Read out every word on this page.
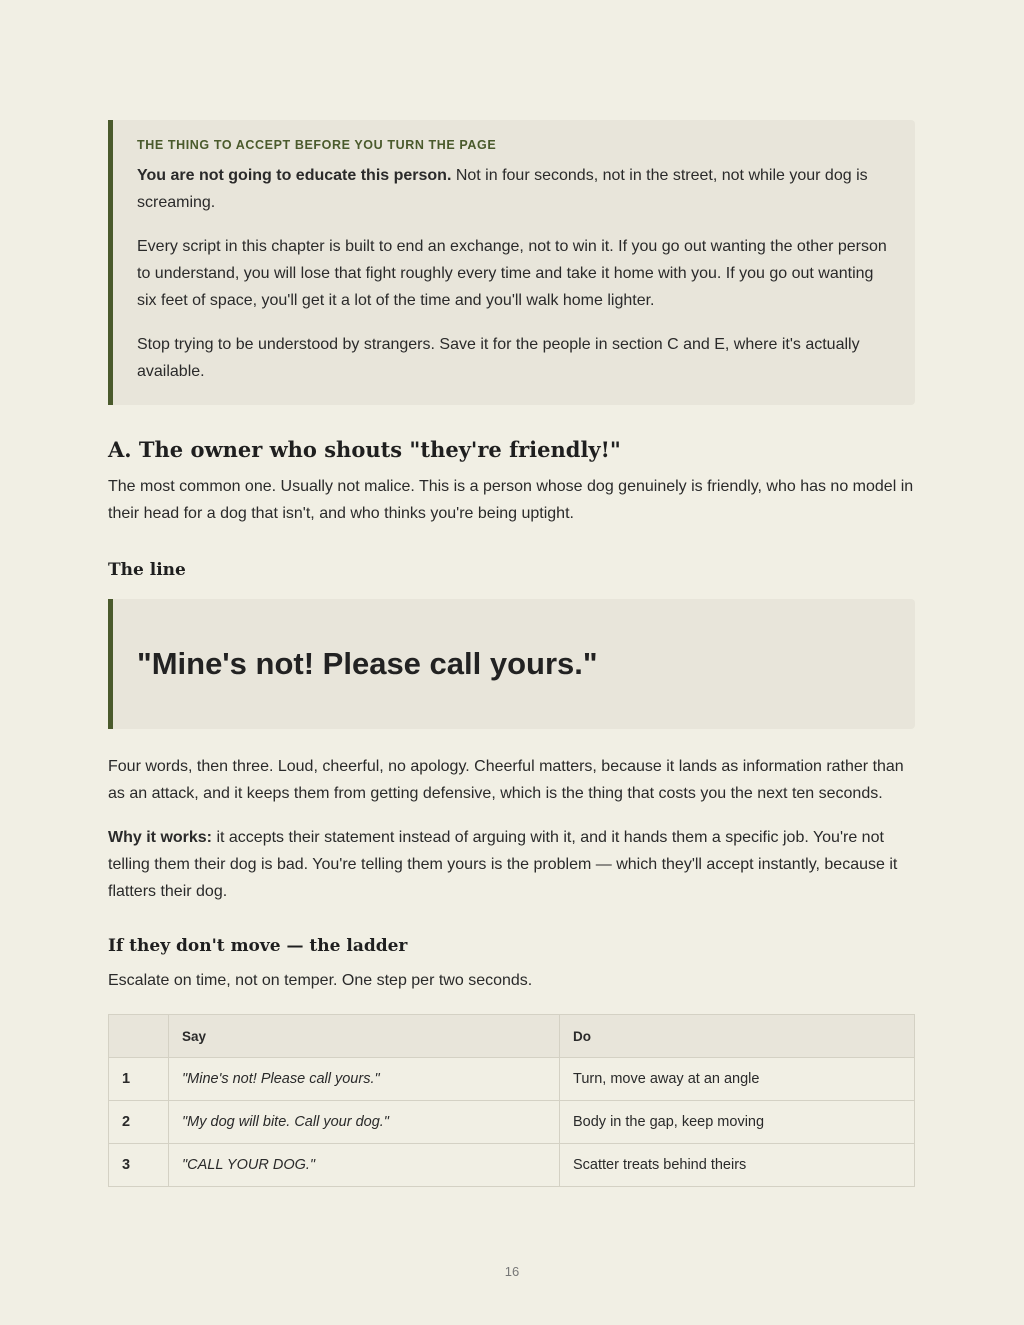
THE THING TO ACCEPT BEFORE YOU TURN THE PAGE

You are not going to educate this person. Not in four seconds, not in the street, not while your dog is screaming.

Every script in this chapter is built to end an exchange, not to win it. If you go out wanting the other person to understand, you will lose that fight roughly every time and take it home with you. If you go out wanting six feet of space, you'll get it a lot of the time and you'll walk home lighter.

Stop trying to be understood by strangers. Save it for the people in section C and E, where it's actually available.

A. The owner who shouts "they're friendly!"

The most common one. Usually not malice. This is a person whose dog genuinely is friendly, who has no model in their head for a dog that isn't, and who thinks you're being uptight.

The line
"Mine's not! Please call yours."

Four words, then three. Loud, cheerful, no apology. Cheerful matters, because it lands as information rather than as an attack, and it keeps them from getting defensive, which is the thing that costs you the next ten seconds.

Why it works: it accepts their statement instead of arguing with it, and it hands them a specific job. You're not telling them their dog is bad. You're telling them yours is the problem — which they'll accept instantly, because it flatters their dog.

If they don't move — the ladder

Escalate on time, not on temper. One step per two seconds.

	Say	Do
1	"Mine's not! Please call yours."	Turn, move away at an angle
2	"My dog will bite. Call your dog."	Body in the gap, keep moving
3	"CALL YOUR DOG."	Scatter treats behind theirs
16
